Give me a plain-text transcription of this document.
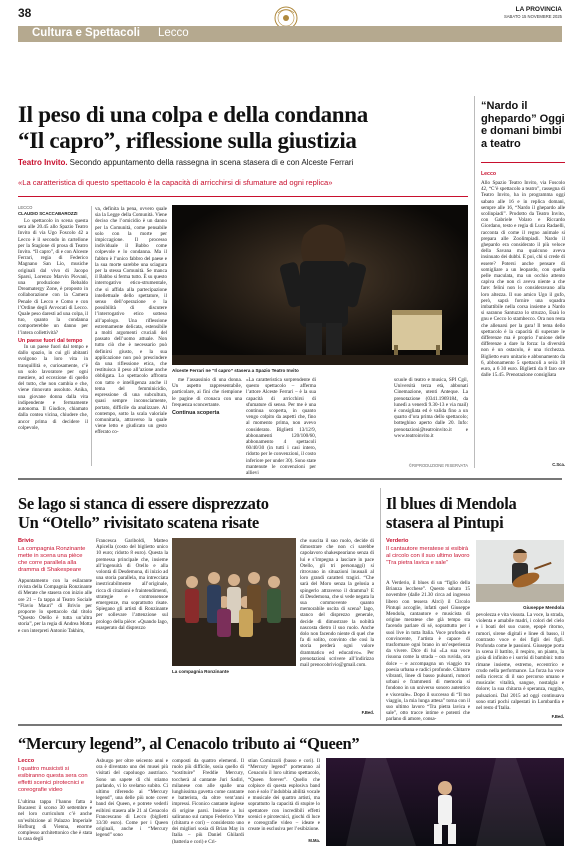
38	LA PROVINCIA
SABATO 15 NOVEMBRE 2025
Cultura e Spettacoli Lecco
Il peso di una colpa e della condanna
“Il capro”, riflessione sulla giustizia
Teatro Invito. Secondo appuntamento della rassegna in scena stasera di e con Alceste Ferrari
«La caratteristica di questo spettacolo è la capacità di arricchirsi di sfumature ad ogni replica»
LECCO
CLAUDIO SCACCABAROZZI

Lo spettacolo in scena questa sera alle 20.45 allo Spazio Teatro Invito di via Ugo Foscolo 42 a Lecco è il secondo in cartellone per la Stagione di prosa di Teatro Invito. “Il capro”, di e con Alceste Ferrari, regia di Federico Magnano San Lio, musiche originali dal vivo di Jacopo Sparsi, Lorenzo Marvin Piovani, una produzione Rebaldo Dreamatergy Zone, è proposto in collaborazione con la Camera Penale di Lecco e Como e con l’Ordine degli Avvocati di Lecco. Quale peso daresti ad una colpa, il tuo, quanto la condanna comporterebbe un danno per l’intera collettività?

Un paese fuori dal tempo

In un paese fuori dal tempo e dallo spazio, in cui gli abitanti svolgono la loro vita in tranquillità e, curiosamente, c’è un solo lavoratore per ogni mestiere, ad eccezione di quello del tutto, che non cambia e che, viene rinnovato assoluto. Anika, una giovane donna dalla vita indipendente e fermamente autonoma. Il Giudice, chiamato dalla contea vicina, chiudere che, ancor prima di decidere il colpevole,

va, definita la pena, ovvero quale sia la Legge della Comunità. Viene deciso che l’omicidio è un danno per la Comunità, come pensabile solo con la morte per impiccagione. Il processo individuale il Babbo come colpevole e lo condanna. Ma il fabbro è l’unico fabbro del paese e la sua morte sarebbe una sciagura per la stessa Comunità. Se manca il Babbo si ferma tutto. È su questo interrogativo etico-strumentale, che si affida alla partecipazione intellettuale dello spettatore, il senso dell’operazione e la possibilità di discutere l’interrogativo etico sotteso all’apologo. Una riflessione estremamente delicata, estensibile a molti argomenti cruciali del passato dell’uomo attuale. Non tutto ciò che è necessario può definirsi giusto, e la sua applicazione non può prescindere da una riflessione etica, che restituisca il peso all’azione anche obbligata. Lo spettacolo affronta con tatto e intelligenza anche il tema del femminicidio, espressione di una subcultura, quasi sempre inconsciamente, portato, difficile da analizzare. Al contempo, sotto la scala valoriale comunitaria, attraverso la quale viene letto e giudicato un gesto efferato co-
Alceste Ferrari ne “Il capro” stasera a Spazio Teatro Invito

me l’assassinio di una donna. Un aspetto rappresentabile, particolare, ai fini che riempione le pagine di cronaca con una frequenza sconcertante.

Continua scoperta
«La caratteristica sorprendente di questo spettacolo – afferma l’attore Alceste Ferrari – è la sua capacità di arricchirsi di sfumature di senso. Per me è una continua scoperta, in quanto vengo colpito da aspetti che, fino al momento prima, non avevo considerato. Biglietti 13/12/9, abbonamenti 120/100/60, abbonamento 4 spettacoli 60/40/30 (in tutti i casi intero, ridotto per le convenzioni, il costo inferiore per under 30). Sono state mantenute le convenzioni per allievi
scuole di teatro e musica, SPI Cgil, Università terza età, abbonati Cinemazione, utenti Anteque. La prenotazione (0341.1969184, da lunedì a venerdì 9.30-13 e via mail) è consigliata ed è valida fino a un quarto d’ora prima dello spettacolo; botteghino aperto dalle 20. Info: prenotazioni@teatroinvito.it e www.teatroinvito.it
©RIPRODUZIONE RISERVATA
“Nardo il ghepardo” Oggi e domani bimbi a teatro
Lecco
Allo Spazio Teatro Invito, via Foscolo 42, “C’è spettacolo a teatro”, rassegna di Teatro Invito, ha in programma oggi sabato alle 16 e in replica domani, sempre alle 16, “Nardo il ghepardo alle scolinpiadi”. Prodotto da Teatro Invito, con Gabriele Volaro e Riccardo Giordano, testo e regia di Luca Radaelli, racconta di come il regno animale si prepara alle Zoolimpiadi. Nardo il ghepardo era considerato il più veloce della Savana ma qualcuno aveva insinuato dei dubbi. E poi, chi si crede di essere? Potersi anche pensare di somigliare a un leopardo, con quella pelle maculata, ma un occhio attento capiva che non ci aveva niente a che fare: felini non lo consideravano alla loro altezza. Il suo amico Ugo il gufo, però, saprà fornire una squadra imbattibile nella corsa insieme a Nardo si saranno Santuzzo lo struzzo, Esaù lo gnu e Cecco lo stambecco. Ora non resta che allenarsi per la gara! Il tema dello spettacolo è la capacità di superare le differenze ma è proprio l’unione delle differenze a dare la forza: la diversità non è un ostacolo, è una ricchezza. Biglietto euro unitario e abbonamento da 6, abbonamento 5 spettacoli a sei/a 18 euro, a 6 30 euro. Biglietti da 8 faro ore dalle 15.45. Prenotazione consigliata
C.Sca.
Se lago si stanca di essere disprezzato
Un “Otello” rivisitato scatena risate
Brivio
La compagnia Ronzinante mette in scena una pièce che corre parallela alla dramma di Shakespeare
Appuntamento con la esilarante rivista della Compagnia Ronzinante di Merate che stasera con inizio alle ore 21 – fa tappa al Teatro Sociale “Flavio Mauri” di Brivio per proporre lo spettacolo dal titolo “Questo Otello è tutta un’altra storia”, per la regia di Andrea Motta e con interpreti Antonio Takhim,
Francesca Gariboldi, Matteo Apicella (costo del biglietto unico 10 euro; ridotto 8 euro). Questa la premessa principale che, insieme all’ingenuità di Otello e alla volontà di Desdemona, di inizio ad una storia parallela, ma intrecciata inestricabilmente all’originale, ricca di citazioni e fraintendimenti, strategie e controssensoe emergenze, ma soprattutto risate. Spiegano gli artisti di Ronzinante per sollevare l’attenzione sul prologo della pièce: «Quando Iago, esasperato dal disprezzo
La compagnia Ronzinante
che suscita il suo ruolo, decide di dimostrare che non ci sarebbe capolavoro shakespeariano senza di lui e s’impegna a lasciare in pace Otello, gli tri personaggi) si ritrovano in situazioni inusuali al loro grandi caratteri tragici. “Che sarà del Moro senza la gelosia a spingerlo attraverso il dramma? E di Desdemona, che si vede negata la sua commovente quanto memorabile uscita di scena? Iago, stanco del disprezzo generale, decide di dimostrare la nobiltà nascosta dietro il suo ruolo. Anche dolo non facendo niente di quel che fa di solito, convinto che così la storia perderà ogni valore drammatico ed educativo». Per prenotazioni scrivere all’indirizzo mail prenocobrivio@gmail.com.
F.Bed.
Il blues di Mendola stasera al Pintupi
Verderio
Il cantautore meratese si esibirà al circolo con il suo ultimo lavoro “Tra pietra lavica e sale”
Giuseppe Mendola
A Verderio, il blues di un “figlio della Brianza lecchese”. Questo sabato 15 novembre (dalle 21.30 circa ad ingresso libero con tessera Alrci) il Circolo Pintupi accoglie, infatti quel Giuseppe Mendola, cantautore e musicista di origine meratese che già tempo sta facendo parlare di sé, soprattutto per i suoi live in tutta Italia. Voce profonda e convincente, l’artista è capace di trasformare ogni brano in un’esperienza da vivere. Dice di lui «La sua voce risuona come la strada – ora ruvida, ora dolce – e accompagna un viaggio tra poesia urbana e radici profonde. Chitarre vibranti, linee di basso pulsanti, rumori urbani e frammenti di memoria si fondono in un universo sonoro autentico e viscerale». Dopo il successo di “Il tuo viaggio, la mia lunga attesa” torna con il suo ultimo lavoro “Tra pietra lavica e sale”, otto tracce intime e potenti che parlano di amore, consa-
pevolezza e vita vissuta. La voce, la strada, violenta e amabile madri, i colori del cielo e i boati del suo cuore, epopè ritorno, rumori, sirene digitali e linee di basso, il contrasto voce e dei figli dei figli. Profonda come le passioni. Giuseppe porta in scena il battito, il respiro, un pianto, la gioia di infinito e i sorrisi di bambini: tutto rimane insieme, estremo, eccentrico e crudo nella performance. La forza ha voce nella ricerca: di il suo percorso umano e musicale: vitalità, sangue, nostalgia e dolore; la sua chitarra è speranza, ruggito, pulsazioni. Dal 2015 ad oggi continuava sono stati pochi calpestati in Lombardia e nel resto d’Italia.
F.Bed.
“Mercury legend”, al Cenacolo tributo ai “Queen”
Lecco
I quattro musicisti si esibiranno questa sera con effetti scenici pirotecnici e coreografie video
L’ultima tappa l’hanno fatta a Bucarest il scorso 30 settembre e nel loro curriculum c’è anche un’esibizione al Palazzo Imperiale Hofburg di Vienna, enorme complesso architettonico che è stata la casa degli
Asburgo per oltre seicento anni e ora è diventato uno dei musei più visitati del capoluogo austriaco. Sono un sapete di chi stiamo parlando, vi lo svelamo subito. Ci ultimo riferendo ai “Mercury legend”, una delle più note cover band dei Queen, e potrete vederli esibirsi stasera alle 21 al Cenacolo Francescano di Lecco (biglietti 33/30 euro). Come per i Queen originali, anche i “Mercury legend” sono
composti da quattro elementi. Il ruolo più difficile, sosia quello di “sostituire” Freddie Mercury, toccherà al cantante Juri Sadiri, milanese con alle spalle una lunghissima gavetta come cantante e batterista, da oltre vent’anni impressi. Ficonico cantante inglese di origine parsi. Insieme a lui saliranno sul campo Federico Vitte (chitarra e cori) – considerato uno dei migliori sosia di Brian May in Italia – più Daniel Ghilardi (batteria e cori) e Cri-
stian Comizzoli (basso e cori). Il “Mercury legend” porteranno al Cenacolo il loro ultimo spettacolo, “Queen forever”. Quello che colpisce di questa esplosiva band non è solo l’indubbia abilità vocale e musicale dei quattro artisti, ma soprattutto la capacità di stupire lo spettatore con incredibili effetti scenici e pirotecnici, giochi di luce e coreografie video – ideate e create in esclusiva per l’esibizione.
M.Ma.
